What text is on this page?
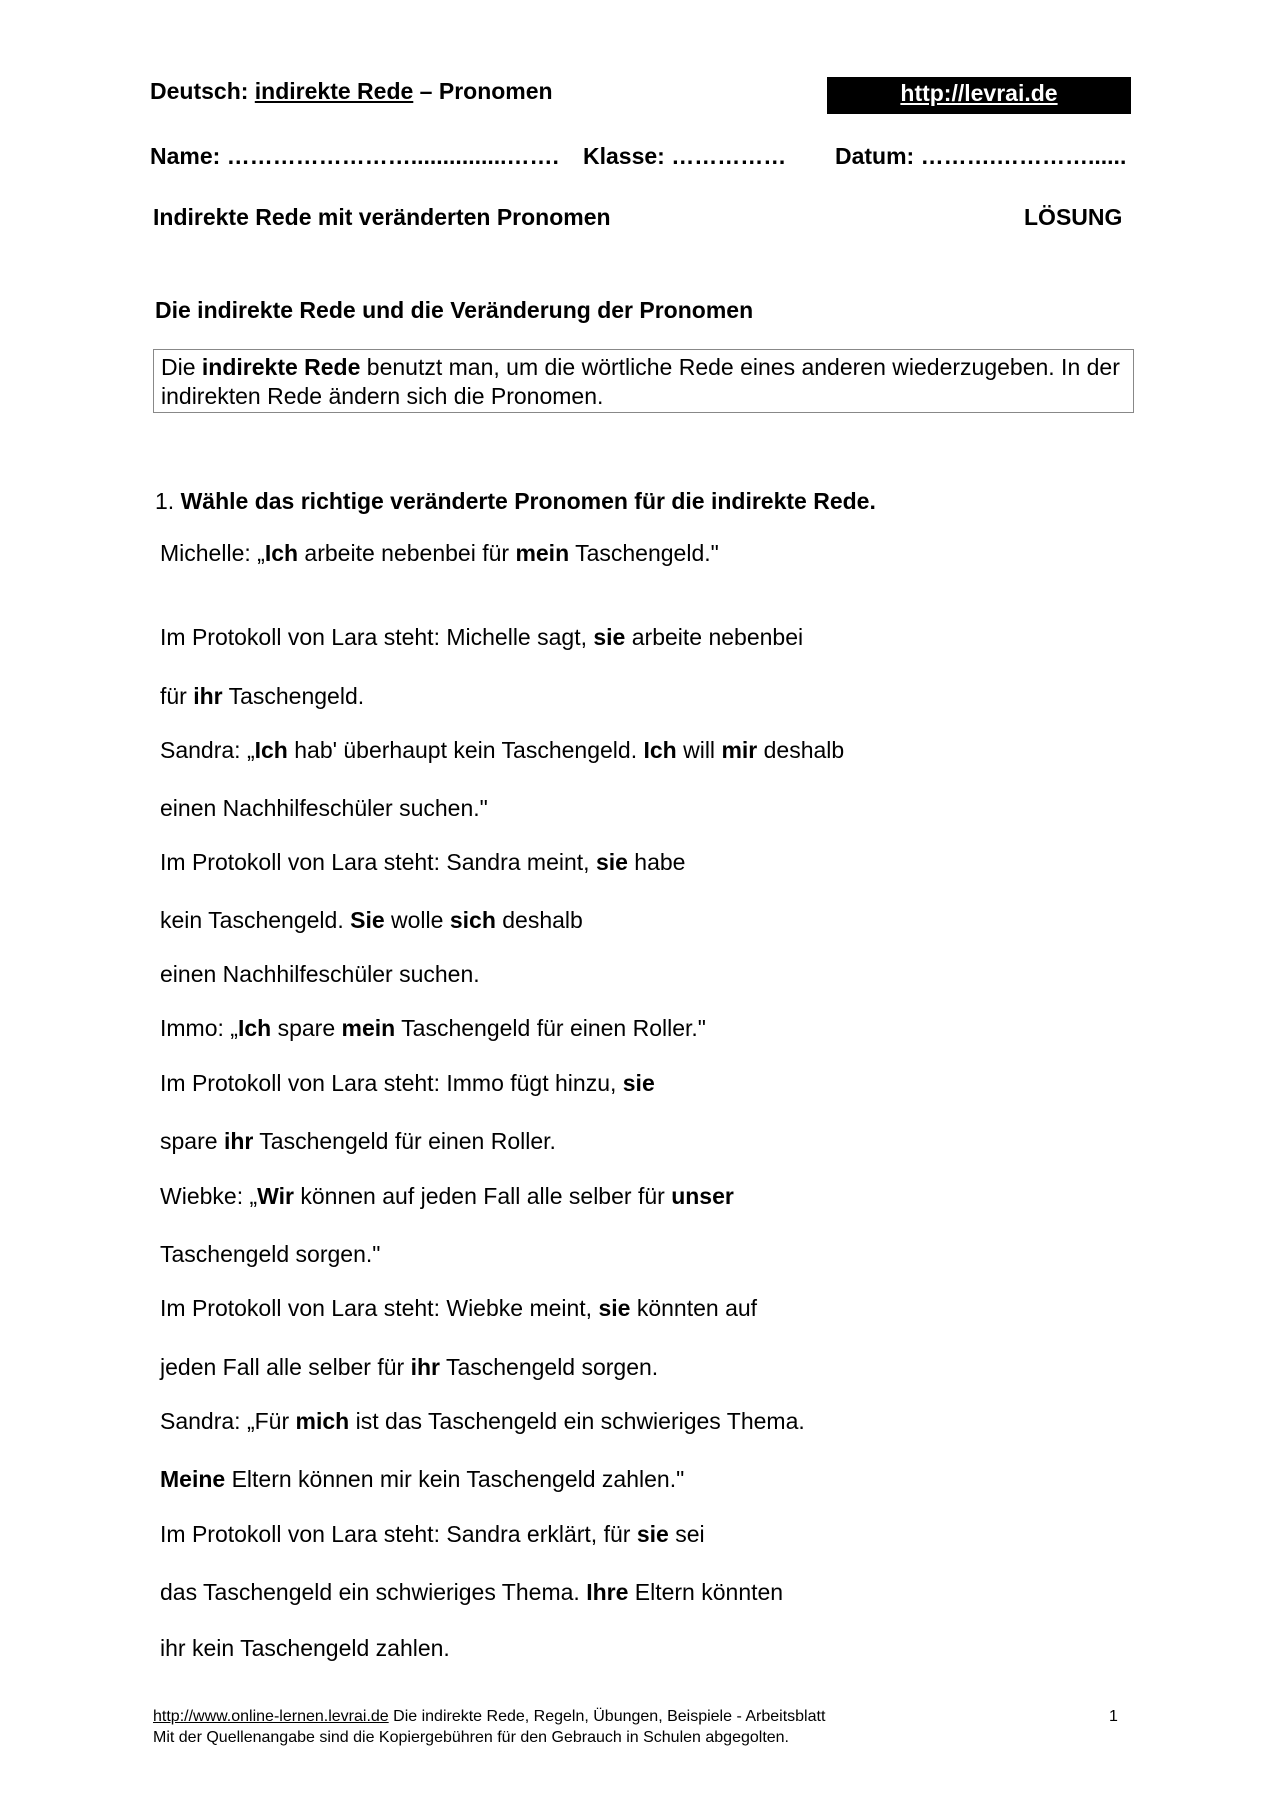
Deutsch: indirekte Rede – Pronomen	http://levrai.de
Name: ……………………...............……. Klasse: …………… Datum: ……….…………......
Indirekte Rede mit veränderten Pronomen	LÖSUNG
Die indirekte Rede und die Veränderung der Pronomen
Die indirekte Rede benutzt man, um die wörtliche Rede eines anderen wiederzugeben. In der indirekten Rede ändern sich die Pronomen.
1. Wähle das richtige veränderte Pronomen für die indirekte Rede.
Michelle: „Ich arbeite nebenbei für mein Taschengeld."
Im Protokoll von Lara steht: Michelle sagt, sie arbeite nebenbei
für ihr Taschengeld.
Sandra: „Ich hab' überhaupt kein Taschengeld. Ich will mir deshalb
einen Nachhilfeschüler suchen."
Im Protokoll von Lara steht: Sandra meint, sie habe
kein Taschengeld. Sie wolle sich deshalb
einen Nachhilfeschüler suchen.
Immo: „Ich spare mein Taschengeld für einen Roller."
Im Protokoll von Lara steht: Immo fügt hinzu, sie
spare ihr Taschengeld für einen Roller.
Wiebke: „Wir können auf jeden Fall alle selber für unser
Taschengeld sorgen."
Im Protokoll von Lara steht: Wiebke meint, sie könnten auf
jeden Fall alle selber für ihr Taschengeld sorgen.
Sandra: „Für mich ist das Taschengeld ein schwieriges Thema.
Meine Eltern können mir kein Taschengeld zahlen."
Im Protokoll von Lara steht: Sandra erklärt, für sie sei
das Taschengeld ein schwieriges Thema. Ihre Eltern könnten
ihr kein Taschengeld zahlen.
http://www.online-lernen.levrai.de Die indirekte Rede, Regeln, Übungen, Beispiele - Arbeitsblatt	1
Mit der Quellenangabe sind die Kopiergebühren für den Gebrauch in Schulen abgegolten.
